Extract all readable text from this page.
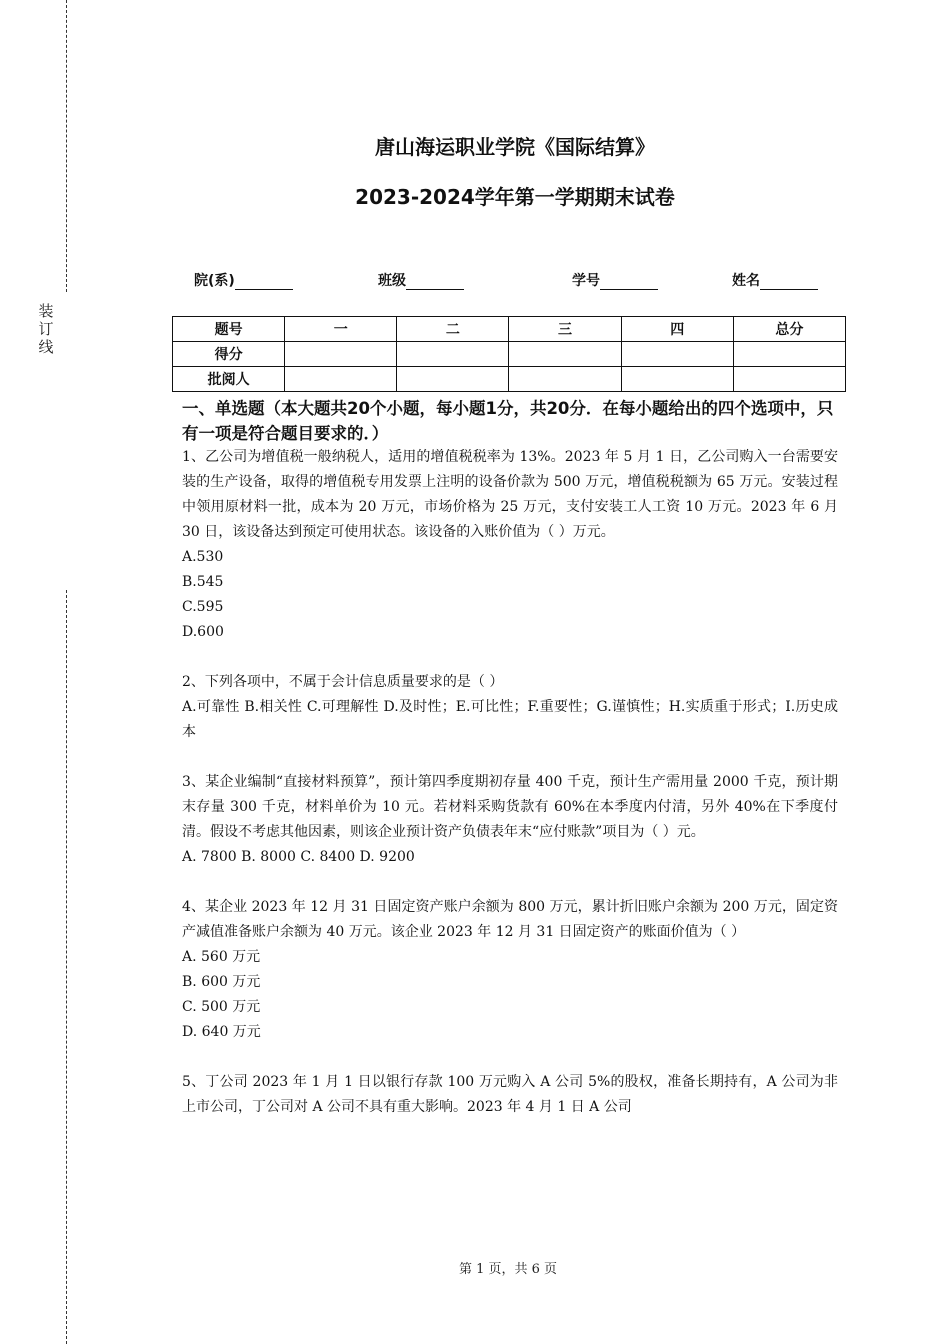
装
订
线
唐山海运职业学院《国际结算》
2023-2024学年第一学期期末试卷
院(系)	班级	学号	姓名
题号	一	二	三	四	总分
得分					
批阅人					
一、单选题（本大题共20个小题，每小题1分，共20分．在每小题给出的四个选项中，只有一项是符合题目要求的．）

1、乙公司为增值税一般纳税人，适用的增值税税率为 13%。2023 年 5 月 1 日，乙公司购入一台需要安装的生产设备，取得的增值税专用发票上注明的设备价款为 500 万元，增值税税额为 65 万元。安装过程中领用原材料一批，成本为 20 万元，市场价格为 25 万元，支付安装工人工资 10 万元。2023 年 6 月 30 日，该设备达到预定可使用状态。该设备的入账价值为（ ）万元。

A.530

B.545

C.595

D.600

2、下列各项中，不属于会计信息质量要求的是（ ）

A.可靠性 B.相关性 C.可理解性 D.及时性；E.可比性；F.重要性；G.谨慎性；H.实质重于形式；I.历史成本

3、某企业编制“直接材料预算”，预计第四季度期初存量 400 千克，预计生产需用量 2000 千克，预计期末存量 300 千克，材料单价为 10 元。若材料采购货款有 60%在本季度内付清，另外 40%在下季度付清。假设不考虑其他因素，则该企业预计资产负债表年末“应付账款”项目为（ ）元。

A. 7800 B. 8000 C. 8400 D. 9200

4、某企业 2023 年 12 月 31 日固定资产账户余额为 800 万元，累计折旧账户余额为 200 万元，固定资产减值准备账户余额为 40 万元。该企业 2023 年 12 月 31 日固定资产的账面价值为（ ）

A. 560 万元

B. 600 万元

C. 500 万元

D. 640 万元

5、丁公司 2023 年 1 月 1 日以银行存款 100 万元购入 A 公司 5%的股权，准备长期持有，A 公司为非上市公司，丁公司对 A 公司不具有重大影响。2023 年 4 月 1 日 A 公司

第 1 页，共 6 页
